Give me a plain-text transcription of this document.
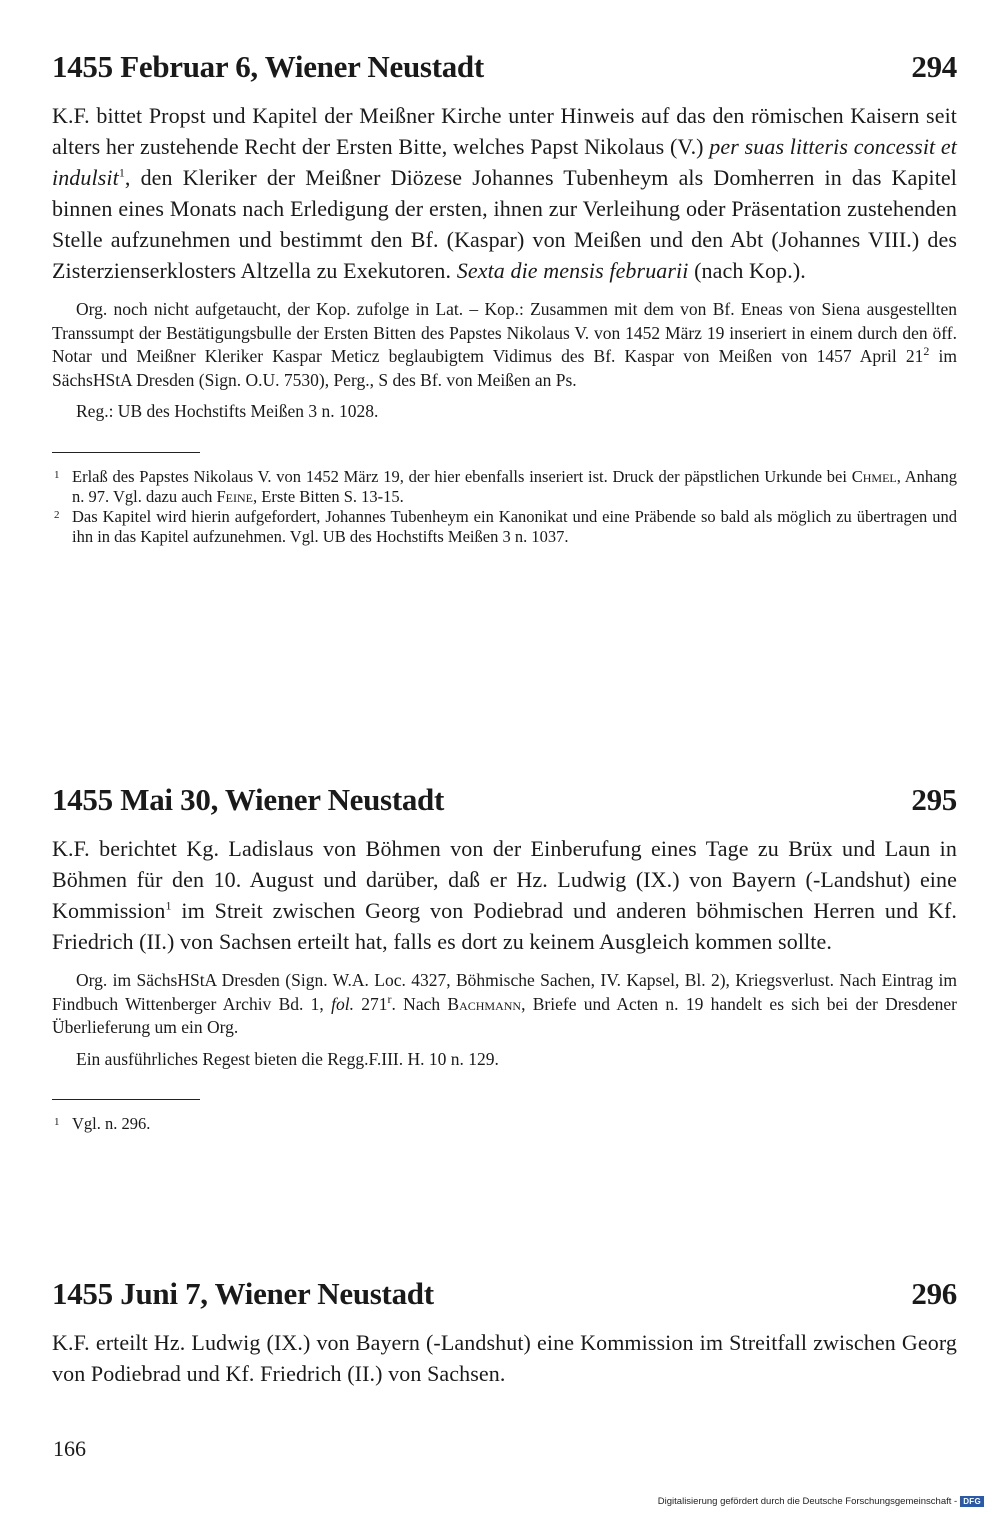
1455 Februar 6, Wiener Neustadt	294

K.F. bittet Propst und Kapitel der Meißner Kirche unter Hinweis auf das den römischen Kaisern seit alters her zustehende Recht der Ersten Bitte, welches Papst Nikolaus (V.) per suas litteris concessit et indulsit$^1$, den Kleriker der Meißner Diözese Johannes Tubenheym als Domherren in das Kapitel binnen eines Monats nach Erledigung der ersten, ihnen zur Verleihung oder Präsentation zustehenden Stelle aufzunehmen und bestimmt den Bf. (Kaspar) von Meißen und den Abt (Johannes VIII.) des Zisterzienserklosters Altzella zu Exekutoren. Sexta die mensis februarii (nach Kop.).

Org. noch nicht aufgetaucht, der Kop. zufolge in Lat. – Kop.: Zusammen mit dem von Bf. Eneas von Siena ausgestellten Transsumpt der Bestätigungsbulle der Ersten Bitten des Papstes Nikolaus V. von 1452 März 19 inseriert in einem durch den öff. Notar und Meißner Kleriker Kaspar Meticz beglaubigtem Vidimus des Bf. Kaspar von Meißen von 1457 April 21$^2$ im SächsHStA Dresden (Sign. O.U. 7530), Perg., S des Bf. von Meißen an Ps.

Reg.: UB des Hochstifts Meißen 3 n. 1028.

1 Erlaß des Papstes Nikolaus V. von 1452 März 19, der hier ebenfalls inseriert ist. Druck der päpstlichen Urkunde bei Chmel, Anhang n. 97. Vgl. dazu auch Feine, Erste Bitten S. 13-15.

2 Das Kapitel wird hierin aufgefordert, Johannes Tubenheym ein Kanonikat und eine Präbende so bald als möglich zu übertragen und ihn in das Kapitel aufzunehmen. Vgl. UB des Hochstifts Meißen 3 n. 1037.

1455 Mai 30, Wiener Neustadt	295

K.F. berichtet Kg. Ladislaus von Böhmen von der Einberufung eines Tage zu Brüx und Laun in Böhmen für den 10. August und darüber, daß er Hz. Ludwig (IX.) von Bayern (-Landshut) eine Kommission$^1$ im Streit zwischen Georg von Podiebrad und anderen böhmischen Herren und Kf. Friedrich (II.) von Sachsen erteilt hat, falls es dort zu keinem Ausgleich kommen sollte.

Org. im SächsHStA Dresden (Sign. W.A. Loc. 4327, Böhmische Sachen, IV. Kapsel, Bl. 2), Kriegsverlust. Nach Eintrag im Findbuch Wittenberger Archiv Bd. 1, fol. 271$^r$. Nach Bachmann, Briefe und Acten n. 19 handelt es sich bei der Dresdener Überlieferung um ein Org.

Ein ausführliches Regest bieten die Regg.F.III. H. 10 n. 129.

1 Vgl. n. 296.

1455 Juni 7, Wiener Neustadt	296

K.F. erteilt Hz. Ludwig (IX.) von Bayern (-Landshut) eine Kommission im Streitfall zwischen Georg von Podiebrad und Kf. Friedrich (II.) von Sachsen.

166
Digitalisierung gefördert durch die Deutsche Forschungsgemeinschaft - DFG
